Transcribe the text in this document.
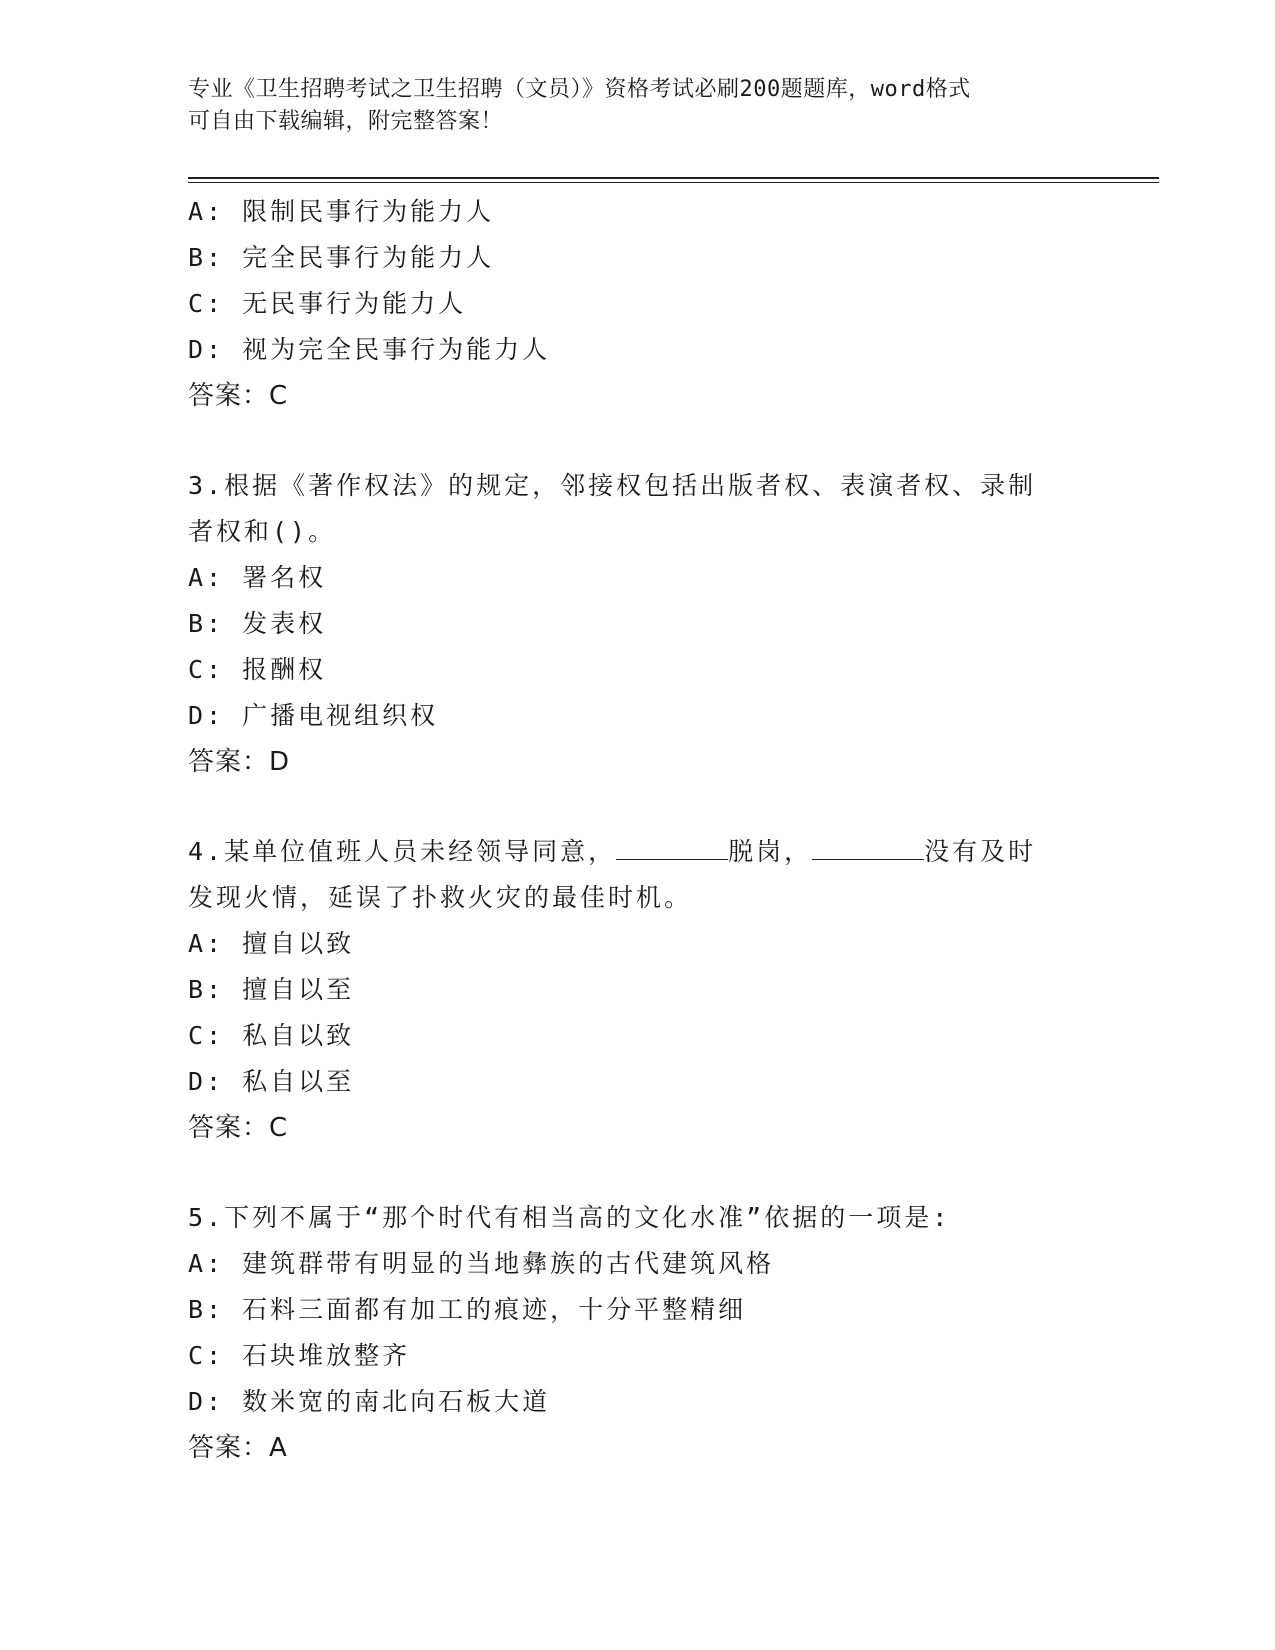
专业《卫生招聘考试之卫生招聘（文员）》资格考试必刷200题题库，word格式
可自由下载编辑，附完整答案！
A: 限制民事行为能力人
B: 完全民事行为能力人
C: 无民事行为能力人
D: 视为完全民事行为能力人
答案：C
3.根据《著作权法》的规定，邻接权包括出版者权、表演者权、录制
者权和()。
A: 署名权
B: 发表权
C: 报酬权
D: 广播电视组织权
答案：D
4.某单位值班人员未经领导同意，	脱岗，	没有及时
发现火情，延误了扑救火灾的最佳时机。
A: 擅自以致
B: 擅自以至
C: 私自以致
D: 私自以至
答案：C
5.下列不属于“那个时代有相当高的文化水准”依据的一项是:
A: 建筑群带有明显的当地彝族的古代建筑风格
B: 石料三面都有加工的痕迹，十分平整精细
C: 石块堆放整齐
D: 数米宽的南北向石板大道
答案：A
